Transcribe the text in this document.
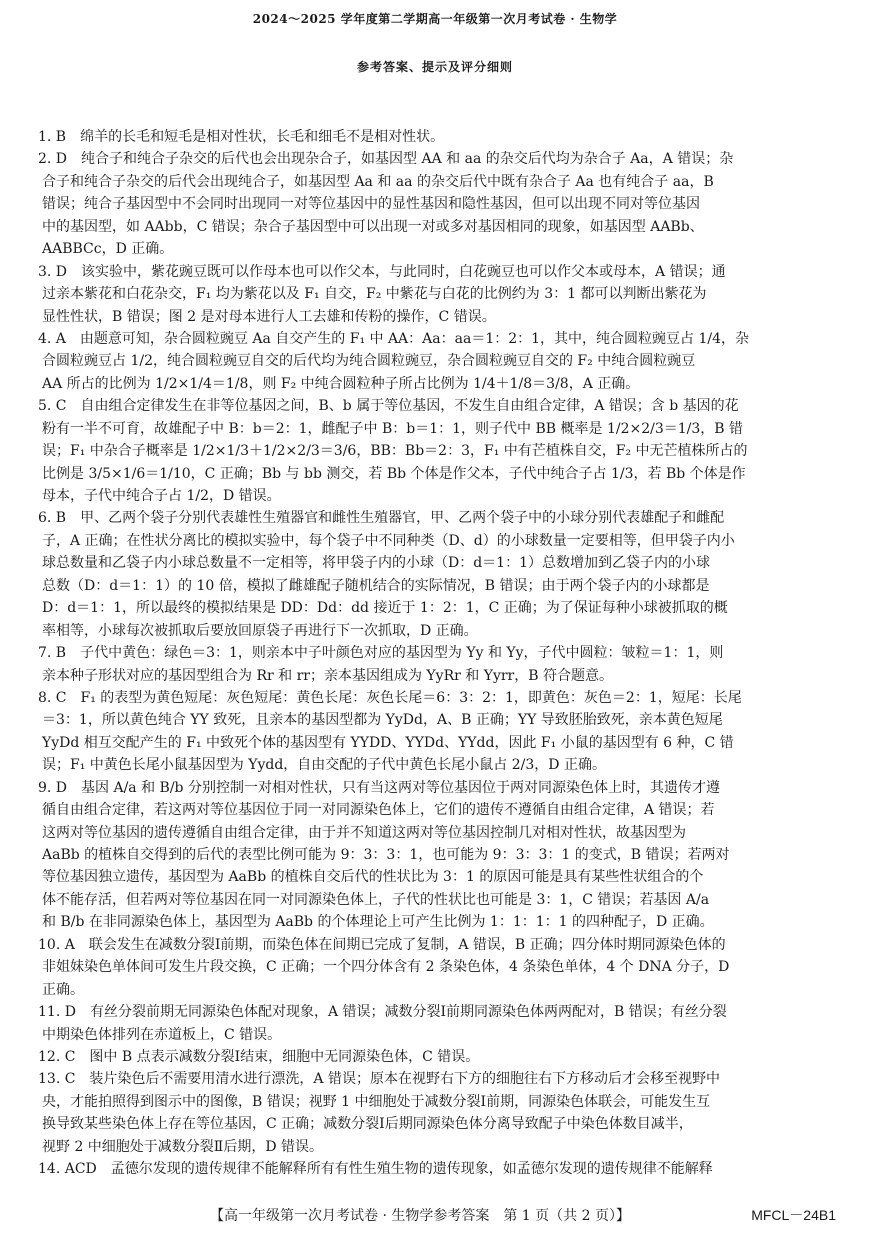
2024～2025 学年度第二学期高一年级第一次月考试卷 · 生物学
参考答案、提示及评分细则
1. B　绵羊的长毛和短毛是相对性状，长毛和细毛不是相对性状。
2. D　纯合子和纯合子杂交的后代也会出现杂合子，如基因型 AA 和 aa 的杂交后代均为杂合子 Aa，A 错误；杂
合子和纯合子杂交的后代会出现纯合子，如基因型 Aa 和 aa 的杂交后代中既有杂合子 Aa 也有纯合子 aa，B
错误；纯合子基因型中不会同时出现同一对等位基因中的显性基因和隐性基因，但可以出现不同对等位基因
中的基因型，如 AAbb，C 错误；杂合子基因型中可以出现一对或多对基因相同的现象，如基因型 AABb、
AABBCc，D 正确。
3. D　该实验中，紫花豌豆既可以作母本也可以作父本，与此同时，白花豌豆也可以作父本或母本，A 错误；通
过亲本紫花和白花杂交，F₁ 均为紫花以及 F₁ 自交，F₂ 中紫花与白花的比例约为 3：1 都可以判断出紫花为
显性性状，B 错误；图 2 是对母本进行人工去雄和传粉的操作，C 错误。
4. A　由题意可知，杂合圆粒豌豆 Aa 自交产生的 F₁ 中 AA：Aa：aa＝1：2：1，其中，纯合圆粒豌豆占 1/4，杂
合圆粒豌豆占 1/2，纯合圆粒豌豆自交的后代均为纯合圆粒豌豆，杂合圆粒豌豆自交的 F₂ 中纯合圆粒豌豆
AA 所占的比例为 1/2×1/4＝1/8，则 F₂ 中纯合圆粒种子所占比例为 1/4＋1/8＝3/8，A 正确。
5. C　自由组合定律发生在非等位基因之间，B、b 属于等位基因，不发生自由组合定律，A 错误；含 b 基因的花
粉有一半不可育，故雄配子中 B：b＝2：1，雌配子中 B：b＝1：1，则子代中 BB 概率是 1/2×2/3＝1/3，B 错
误；F₁ 中杂合子概率是 1/2×1/3＋1/2×2/3＝3/6，BB：Bb＝2：3，F₁ 中有芒植株自交，F₂ 中无芒植株所占的
比例是 3/5×1/6＝1/10，C 正确；Bb 与 bb 测交，若 Bb 个体是作父本，子代中纯合子占 1/3，若 Bb 个体是作
母本，子代中纯合子占 1/2，D 错误。
6. B　甲、乙两个袋子分别代表雄性生殖器官和雌性生殖器官，甲、乙两个袋子中的小球分别代表雄配子和雌配
子，A 正确；在性状分离比的模拟实验中，每个袋子中不同种类（D、d）的小球数量一定要相等，但甲袋子内小
球总数量和乙袋子内小球总数量不一定相等，将甲袋子内的小球（D：d＝1：1）总数增加到乙袋子内的小球
总数（D：d＝1：1）的 10 倍，模拟了雌雄配子随机结合的实际情况，B 错误；由于两个袋子内的小球都是
D：d＝1：1，所以最终的模拟结果是 DD：Dd：dd 接近于 1：2：1，C 正确；为了保证每种小球被抓取的概
率相等，小球每次被抓取后要放回原袋子再进行下一次抓取，D 正确。
7. B　子代中黄色：绿色＝3：1，则亲本中子叶颜色对应的基因型为 Yy 和 Yy，子代中圆粒：皱粒＝1：1，则
亲本种子形状对应的基因型组合为 Rr 和 rr；亲本基因组成为 YyRr 和 Yyrr，B 符合题意。
8. C　F₁ 的表型为黄色短尾：灰色短尾：黄色长尾：灰色长尾＝6：3：2：1，即黄色：灰色＝2：1，短尾：长尾
＝3：1，所以黄色纯合 YY 致死，且亲本的基因型都为 YyDd，A、B 正确；YY 导致胚胎致死，亲本黄色短尾
YyDd 相互交配产生的 F₁ 中致死个体的基因型有 YYDD、YYDd、YYdd，因此 F₁ 小鼠的基因型有 6 种，C 错
误；F₁ 中黄色长尾小鼠基因型为 Yydd，自由交配的子代中黄色长尾小鼠占 2/3，D 正确。
9. D　基因 A/a 和 B/b 分别控制一对相对性状，只有当这两对等位基因位于两对同源染色体上时，其遗传才遵
循自由组合定律，若这两对等位基因位于同一对同源染色体上，它们的遗传不遵循自由组合定律，A 错误；若
这两对等位基因的遗传遵循自由组合定律，由于并不知道这两对等位基因控制几对相对性状，故基因型为
AaBb 的植株自交得到的后代的表型比例可能为 9：3：3：1，也可能为 9：3：3：1 的变式，B 错误；若两对
等位基因独立遗传，基因型为 AaBb 的植株自交后代的性状比为 3：1 的原因可能是具有某些性状组合的个
体不能存活，但若两对等位基因在同一对同源染色体上，子代的性状比也可能是 3：1，C 错误；若基因 A/a
和 B/b 在非同源染色体上，基因型为 AaBb 的个体理论上可产生比例为 1：1：1：1 的四种配子，D 正确。
10. A　联会发生在减数分裂Ⅰ前期，而染色体在间期已完成了复制，A 错误，B 正确；四分体时期同源染色体的
非姐妹染色单体间可发生片段交换，C 正确；一个四分体含有 2 条染色体，4 条染色单体，4 个 DNA 分子，D
正确。
11. D　有丝分裂前期无同源染色体配对现象，A 错误；减数分裂Ⅰ前期同源染色体两两配对，B 错误；有丝分裂
中期染色体排列在赤道板上，C 错误。
12. C　图中 B 点表示减数分裂Ⅰ结束，细胞中无同源染色体，C 错误。
13. C　装片染色后不需要用清水进行漂洗，A 错误；原本在视野右下方的细胞往右下方移动后才会移至视野中
央，才能拍照得到图示中的图像，B 错误；视野 1 中细胞处于减数分裂Ⅰ前期，同源染色体联会，可能发生互
换导致某些染色体上存在等位基因，C 正确；减数分裂Ⅰ后期同源染色体分离导致配子中染色体数目减半，
视野 2 中细胞处于减数分裂Ⅱ后期，D 错误。
14. ACD　孟德尔发现的遗传规律不能解释所有有性生殖生物的遗传现象，如孟德尔发现的遗传规律不能解释
【高一年级第一次月考试卷 · 生物学参考答案　第 1 页（共 2 页）】	MFCL－24B1
